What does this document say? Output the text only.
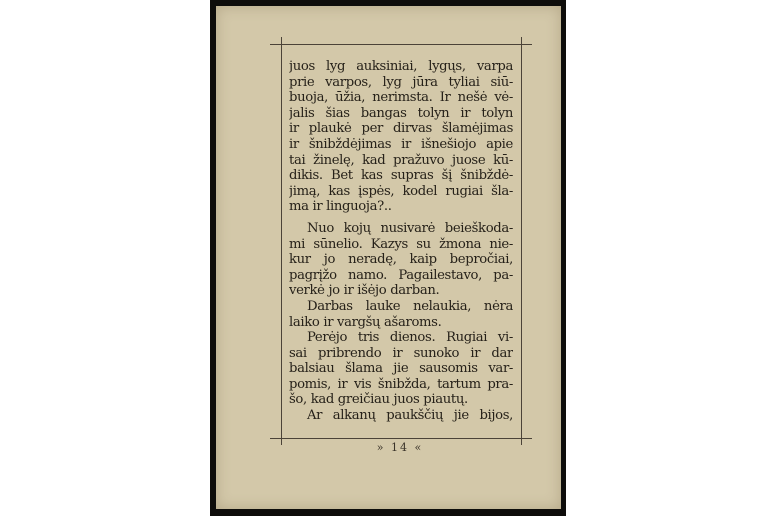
juos lyg auksiniai, lygųs, varpa
prie varpos, lyg jūra tyliai siū-
buoja, ūžia, nerimsta. Ir nešė vė-
jalis šias bangas tolyn ir tolyn
ir plaukė per dirvas šlamėjimas
ir šnibždėjimas ir išnešiojo apie
tai žinelę, kad pražuvo juose kū-
dikis. Bet kas supras šį šnibždė-
jimą, kas įspės, kodel rugiai šla-
ma ir linguoja?..
Nuo kojų nusivarė beieškoda-
mi sūnelio. Kazys su žmona nie-
kur jo neradę, kaip bepročiai,
pagrįžo namo. Pagailestavo, pa-
verkė jo ir išėjo darban.
Darbas lauke nelaukia, nėra
laiko ir vargšų ašaroms.
Perėjo tris dienos. Rugiai vi-
sai pribrendo ir sunoko ir dar
balsiau šlama jie sausomis var-
pomis, ir vis šnibžda, tartum pra-
šo, kad greičiau juos piautų.
Ar alkanų paukščių jie bijos,
» 14 «
